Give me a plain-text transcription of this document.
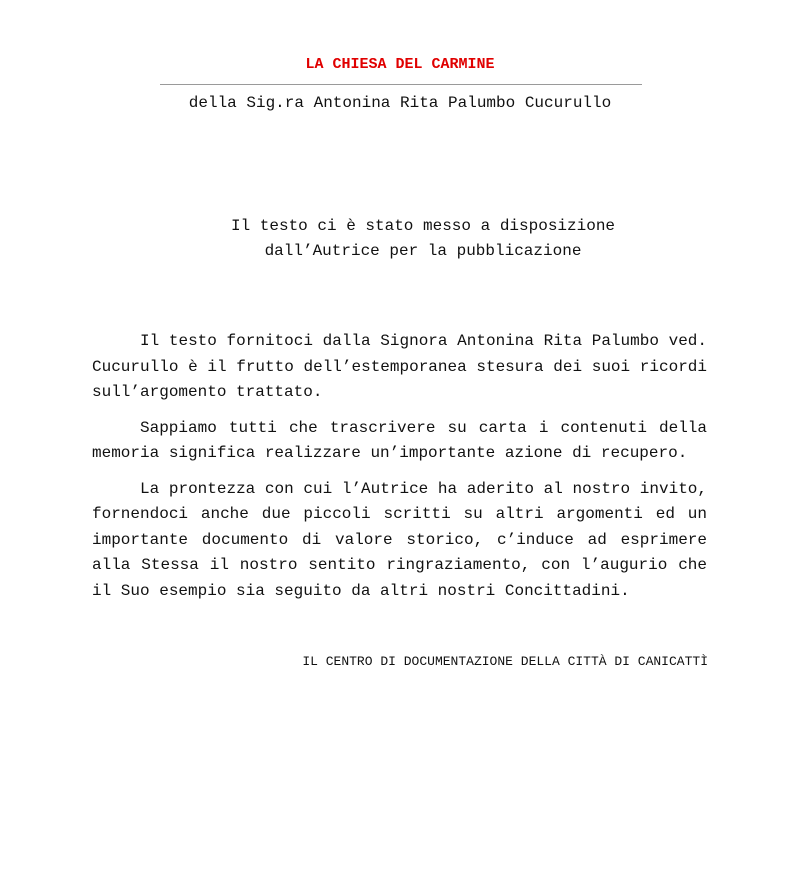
LA CHIESA DEL CARMINE
della Sig.ra Antonina Rita Palumbo Cucurullo
Il testo ci è stato messo a disposizione
dall’Autrice per la pubblicazione

Il testo fornitoci dalla Signora Antonina Rita Palumbo ved. Cucurullo è il frutto dell’estemporanea stesura dei suoi ricordi sull’argomento trattato.

Sappiamo tutti che trascrivere su carta i contenuti della memoria significa realizzare un’importante azione di recupero.

La prontezza con cui l’Autrice ha aderito al nostro invito, fornendoci anche due piccoli scritti su altri argomenti ed un importante documento di valore storico, c’induce ad esprimere alla Stessa il nostro sentito ringraziamento, con l’augurio che il Suo esempio sia seguito da altri nostri Concittadini.

IL CENTRO DI DOCUMENTAZIONE DELLA CITTÀ DI CANICATTÌ
